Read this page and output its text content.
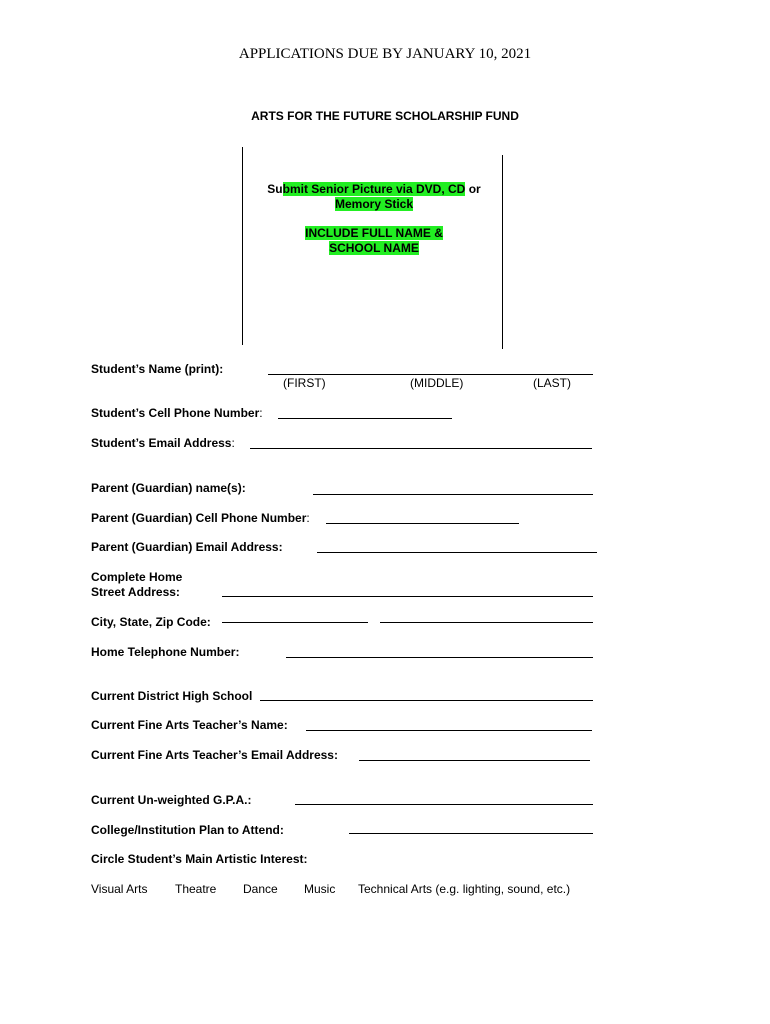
APPLICATIONS DUE BY JANUARY 10, 2021
ARTS FOR THE FUTURE SCHOLARSHIP FUND
Submit Senior Picture via DVD, CD or
Memory Stick
INCLUDE FULL NAME &
SCHOOL NAME
Student’s Name (print):
(FIRST)	(MIDDLE)	(LAST)
Student’s Cell Phone Number:
Student’s Email Address:
Parent (Guardian) name(s):
Parent (Guardian) Cell Phone Number:
Parent (Guardian) Email Address:
Complete Home
Street Address:
City, State, Zip Code:
Home Telephone Number:
Current District High School
Current Fine Arts Teacher’s Name:
Current Fine Arts Teacher’s Email Address:
Current Un-weighted G.P.A.:
College/Institution Plan to Attend:
Circle Student’s Main Artistic Interest:
Visual Arts Theatre Dance Music Technical Arts (e.g. lighting, sound, etc.)
